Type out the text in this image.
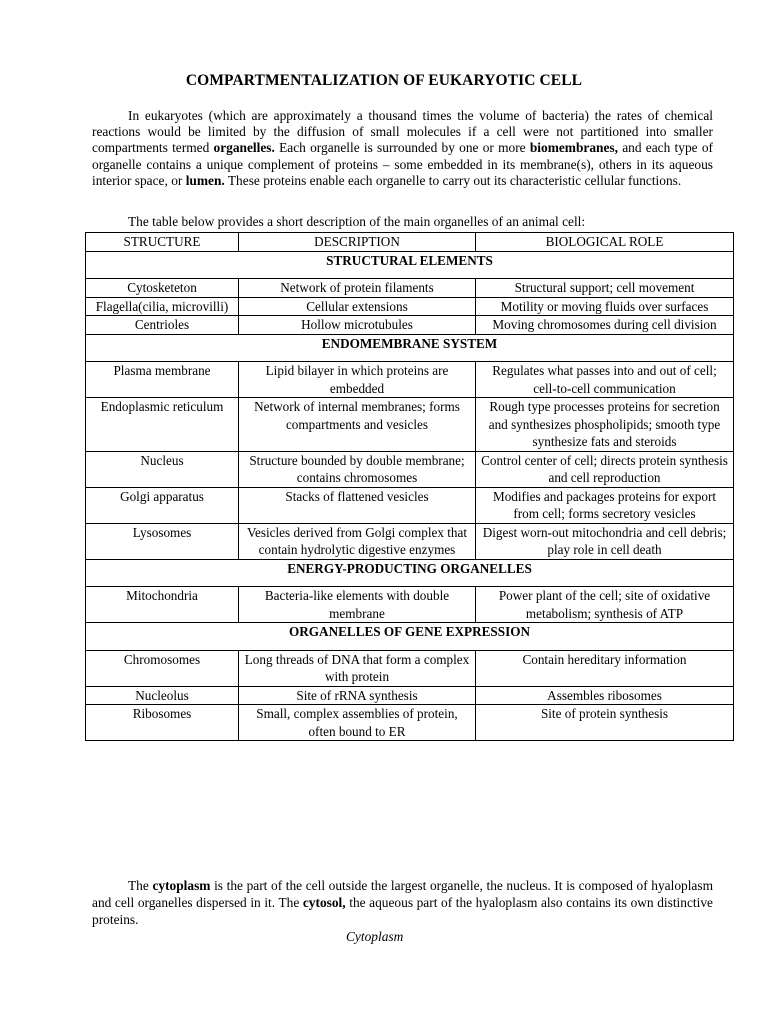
COMPARTMENTALIZATION OF EUKARYOTIC CELL

In eukaryotes (which are approximately a thousand times the volume of bacteria) the rates of chemical reactions would be limited by the diffusion of small molecules if a cell were not partitioned into smaller compartments termed organelles. Each organelle is surrounded by one or more biomembranes, and each type of organelle contains a unique complement of proteins – some embedded in its membrane(s), others in its aqueous interior space, or lumen. These proteins enable each organelle to carry out its characteristic cellular functions.

The table below provides a short description of the main organelles of an animal cell:
STRUCTURE	DESCRIPTION	BIOLOGICAL ROLE
STRUCTURAL ELEMENTS		
Cytosketeton	Network of protein filaments	Structural support; cell movement
Flagella(cilia, microvilli)	Cellular extensions	Motility or moving fluids over surfaces
Centrioles	Hollow microtubules	Moving chromosomes during cell division
ENDOMEMBRANE SYSTEM		
Plasma membrane	Lipid bilayer in which proteins are embedded	Regulates what passes into and out of cell; cell-to-cell communication
Endoplasmic reticulum	Network of internal membranes; forms compartments and vesicles	Rough type processes proteins for secretion and synthesizes phospholipids; smooth type synthesize fats and steroids
Nucleus	Structure bounded by double membrane; contains chromosomes	Control center of cell; directs protein synthesis and cell reproduction
Golgi apparatus	Stacks of flattened vesicles	Modifies and packages proteins for export from cell; forms secretory vesicles
Lysosomes	Vesicles derived from Golgi complex that contain hydrolytic digestive enzymes	Digest worn-out mitochondria and cell debris; play role in cell death
ENERGY-PRODUCTING ORGANELLES		
Mitochondria	Bacteria-like elements with double membrane	Power plant of the cell; site of oxidative metabolism; synthesis of ATP
ORGANELLES OF GENE EXPRESSION		
Chromosomes	Long threads of DNA that form a complex with protein	Contain hereditary information
Nucleolus	Site of rRNA synthesis	Assembles ribosomes
Ribosomes	Small, complex assemblies of protein, often bound to ER	Site of protein synthesis

The cytoplasm is the part of the cell outside the largest organelle, the nucleus. It is composed of hyaloplasm and cell organelles dispersed in it. The cytosol, the aqueous part of the hyaloplasm also contains its own distinctive proteins.

Cytoplasm
